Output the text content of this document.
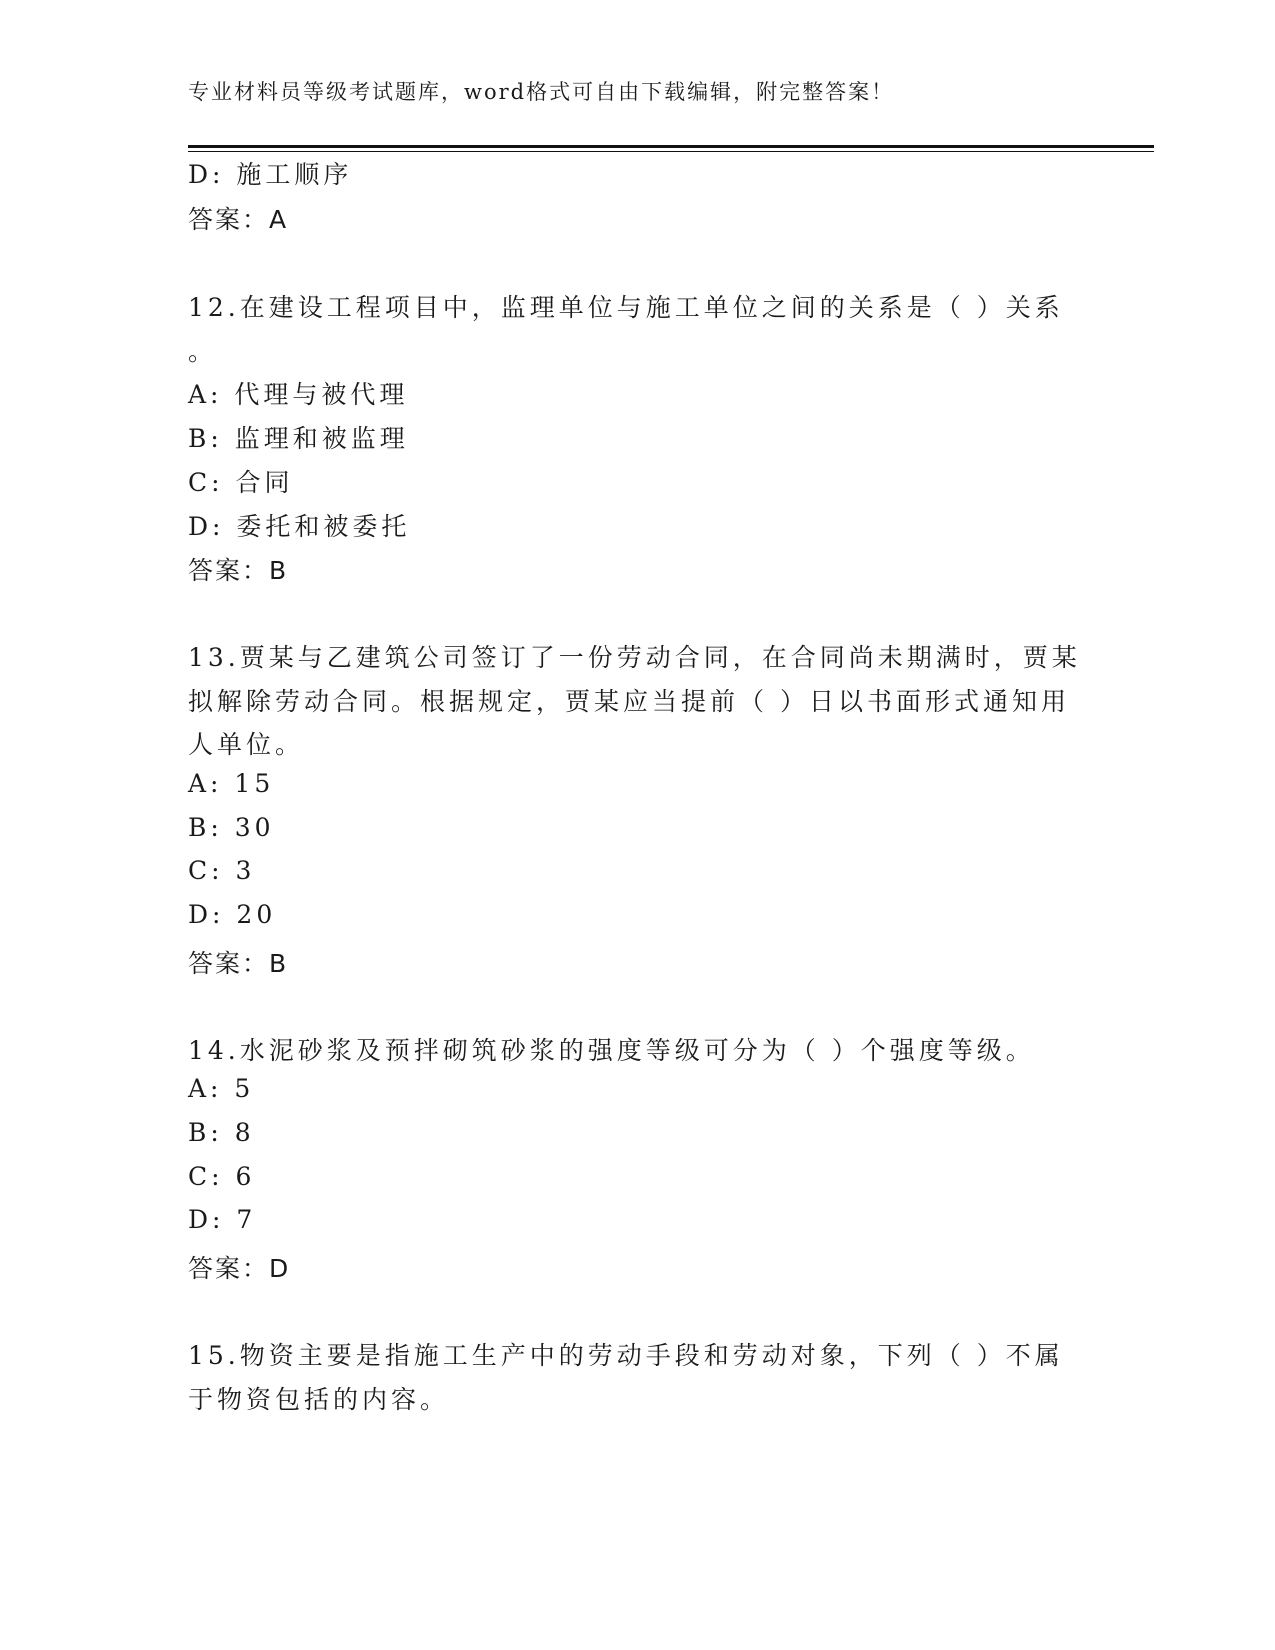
专业材料员等级考试题库，word格式可自由下载编辑，附完整答案！
D: 施工顺序
答案：A
12.在建设工程项目中，监理单位与施工单位之间的关系是（ ）关系
。
A: 代理与被代理
B: 监理和被监理
C: 合同
D: 委托和被委托
答案：B
13.贾某与乙建筑公司签订了一份劳动合同，在合同尚未期满时，贾某
拟解除劳动合同。根据规定，贾某应当提前（ ）日以书面形式通知用
人单位。
A: 15
B: 30
C: 3
D: 20
答案：B
14.水泥砂浆及预拌砌筑砂浆的强度等级可分为（ ）个强度等级。
A: 5
B: 8
C: 6
D: 7
答案：D
15.物资主要是指施工生产中的劳动手段和劳动对象，下列（ ）不属
于物资包括的内容。
